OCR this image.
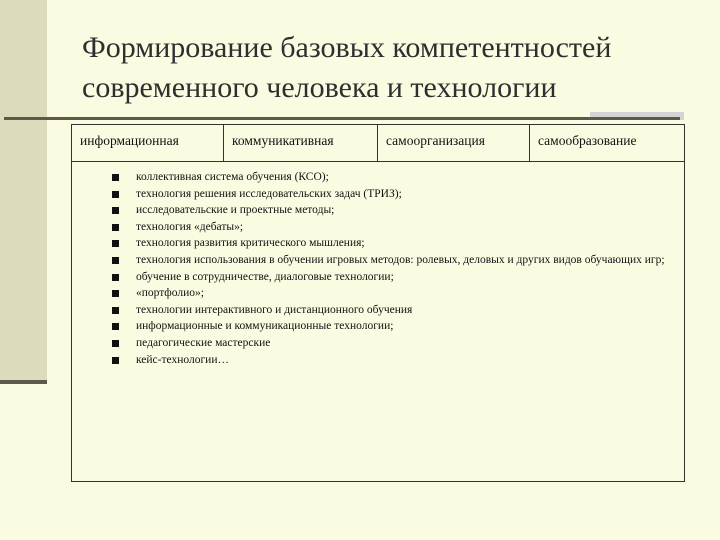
Формирование базовых компетентностей
современного человека и технологии
информационная	коммуникативная	самоорганизация	самообразование
коллективная система обучения (КСО);
технология решения исследовательских задач (ТРИЗ);
исследовательские и проектные методы;
технология «дебаты»;
технология развития критического мышления;
технология использования в обучении игровых методов: ролевых, деловых и других видов обучающих игр;
обучение в сотрудничестве, диалоговые технологии;
«портфолио»;
технологии интерактивного и дистанционного обучения
информационные и коммуникационные технологии;
педагогические мастерские
кейс-технологии…
